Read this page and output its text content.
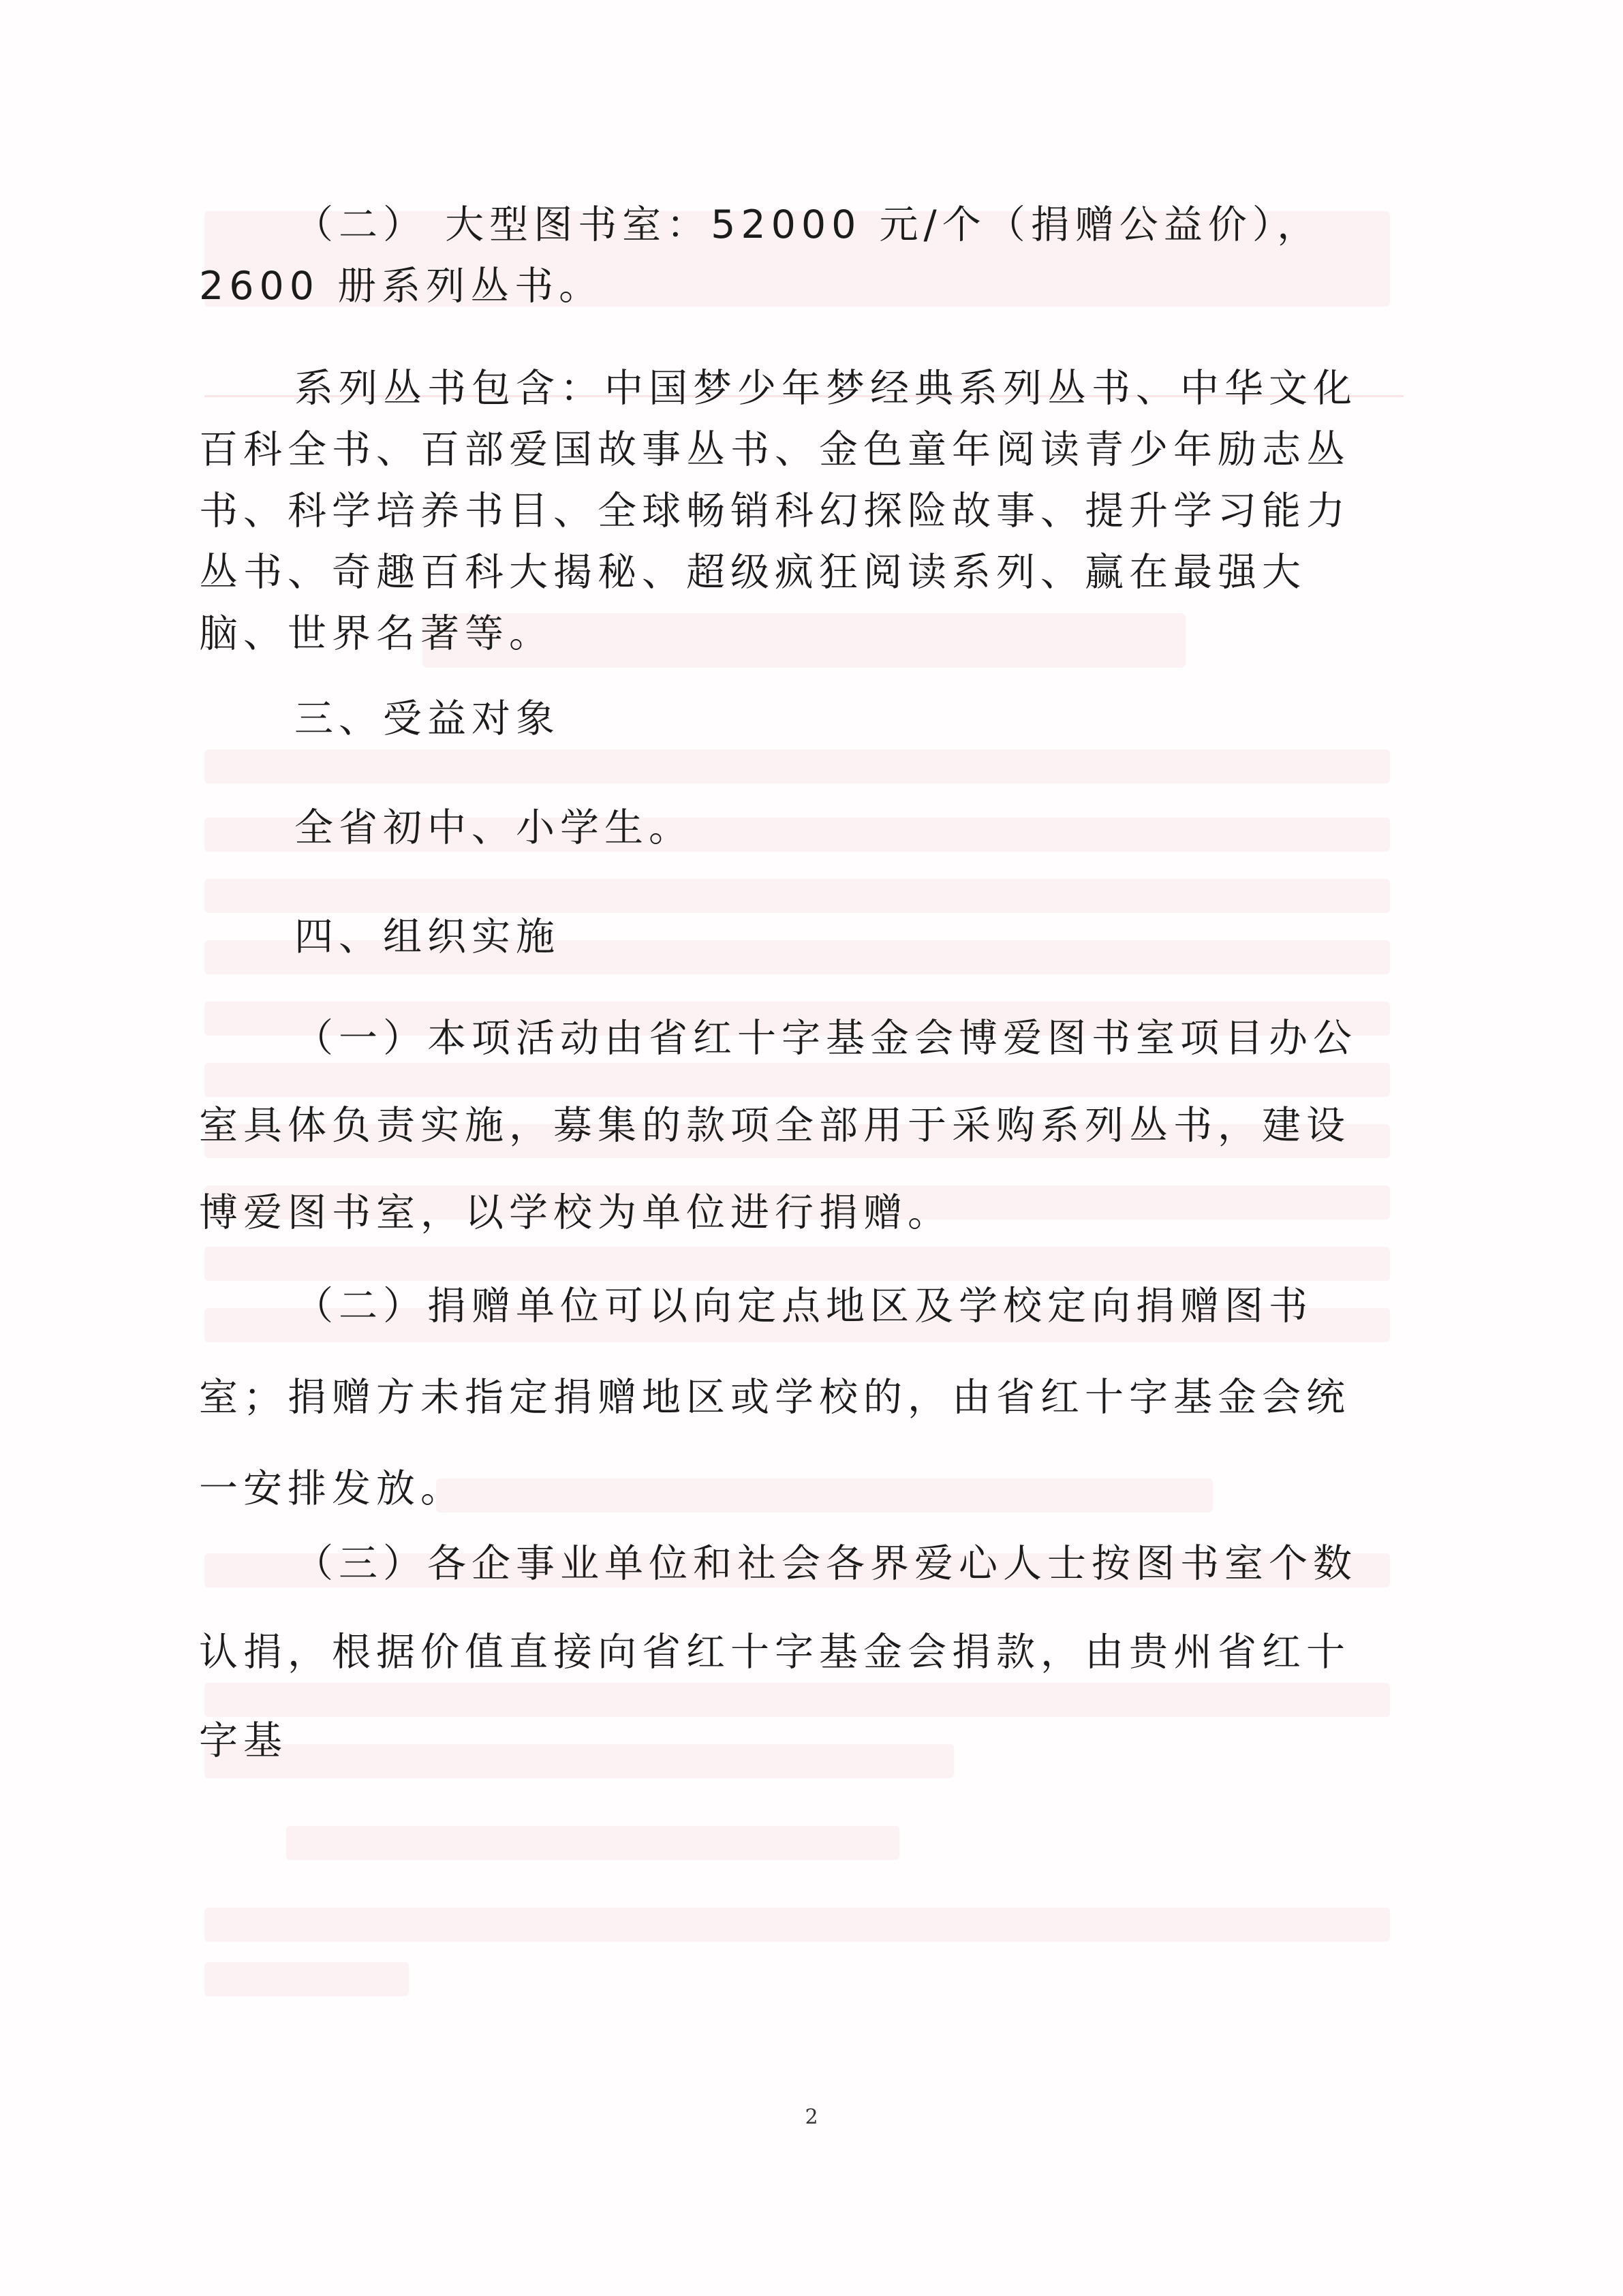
（二） 大型图书室：52000 元/个（捐赠公益价），2600 册系列丛书。

系列丛书包含：中国梦少年梦经典系列丛书、中华文化百科全书、百部爱国故事丛书、金色童年阅读青少年励志丛书、科学培养书目、全球畅销科幻探险故事、提升学习能力丛书、奇趣百科大揭秘、超级疯狂阅读系列、赢在最强大脑、世界名著等。

三、受益对象

全省初中、小学生。

四、组织实施

（一）本项活动由省红十字基金会博爱图书室项目办公室具体负责实施，募集的款项全部用于采购系列丛书，建设博爱图书室，以学校为单位进行捐赠。

（二）捐赠单位可以向定点地区及学校定向捐赠图书室；捐赠方未指定捐赠地区或学校的，由省红十字基金会统一安排发放。

（三）各企事业单位和社会各界爱心人士按图书室个数认捐，根据价值直接向省红十字基金会捐款，由贵州省红十字基

2
